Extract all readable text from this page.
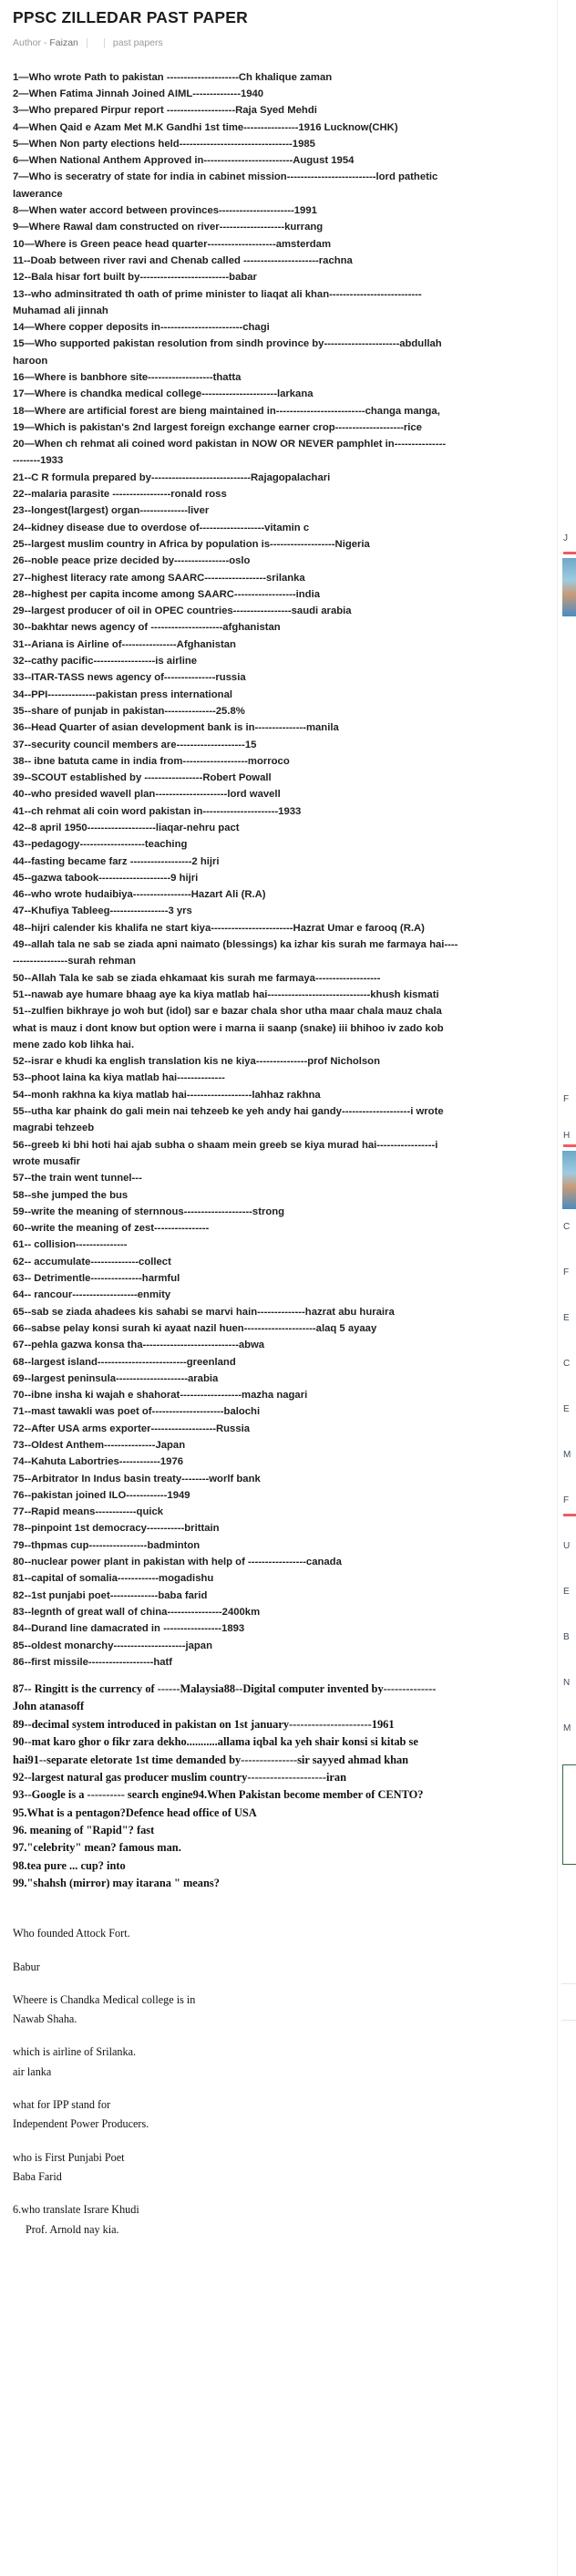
PPSC ZILLEDAR PAST PAPER
Author - Faizan	past papers

1—Who wrote Path to pakistan ---------------------Ch khalique zaman

2—When Fatima Jinnah Joined AIML--------------1940

3—Who prepared Pirpur report --------------------Raja Syed Mehdi

4—When Qaid e Azam Met M.K Gandhi 1st time----------------1916 Lucknow(CHK)

5—When Non party elections held---------------------------------1985

6—When National Anthem Approved in--------------------------August 1954

7—Who is seceratry of state for india in cabinet mission--------------------------lord pathetic

lawerance

8—When water accord between provinces----------------------1991

9—Where Rawal dam constructed on river-------------------kurrang

10—Where is Green peace head quarter--------------------amsterdam

11--Doab between river ravi and Chenab called ----------------------rachna

12--Bala hisar fort built by--------------------------babar

13--who adminsitrated th oath of prime minister to liaqat ali khan---------------------------

Muhamad ali jinnah

14—Where copper deposits in------------------------chagi

15—Who supported pakistan resolution from sindh province by----------------------abdullah

haroon

16—Where is banbhore site-------------------thatta

17—Where is chandka medical college----------------------larkana

18—Where are artificial forest are bieng maintained in--------------------------changa manga,

19—Which is pakistan's 2nd largest foreign exchange earner crop--------------------rice

20—When ch rehmat ali coined word pakistan in NOW OR NEVER pamphlet in---------------

--------1933

21--C R formula prepared by-----------------------------Rajagopalachari

22--malaria parasite -----------------ronald ross

23--longest(largest) organ--------------liver

24--kidney disease due to overdose of-------------------vitamin c

25--largest muslim country in Africa by population is-------------------Nigeria

26--noble peace prize decided by----------------oslo

27--highest literacy rate among SAARC------------------srilanka

28--highest per capita income among SAARC------------------india

29--largest producer of oil in OPEC countries-----------------saudi arabia

30--bakhtar news agency of ---------------------afghanistan

31--Ariana is Airline of----------------Afghanistan

32--cathy pacific------------------is airline

33--ITAR-TASS news agency of---------------russia

34--PPI--------------pakistan press international

35--share of punjab in pakistan---------------25.8%

36--Head Quarter of asian development bank is in---------------manila

37--security council members are--------------------15

38-- ibne batuta came in india from-------------------morroco

39--SCOUT established by -----------------Robert Powall

40--who presided wavell plan---------------------lord wavell

41--ch rehmat ali coin word pakistan in----------------------1933

42--8 april 1950--------------------liaqar-nehru pact

43--pedagogy-------------------teaching

44--fasting became farz ------------------2 hijri

45--gazwa tabook---------------------9 hijri

46--who wrote hudaibiya-----------------Hazart Ali (R.A)

47--Khufiya Tableeg-----------------3 yrs

48--hijri calender kis khalifa ne start kiya------------------------Hazrat Umar e farooq (R.A)

49--allah tala ne sab se ziada apni naimato (blessings) ka izhar kis surah me farmaya hai----

----------------surah rehman

50--Allah Tala ke sab se ziada ehkamaat kis surah me farmaya-------------------

51--nawab aye humare bhaag aye ka kiya matlab hai------------------------------khush kismati

51--zulfien bikhraye jo woh but (idol) sar e bazar chala shor utha maar chala mauz chala

what is mauz i dont know but option were i marna ii saanp (snake) iii bhihoo iv zado kob

mene zado kob lihka hai.

52--israr e khudi ka english translation kis ne kiya---------------prof Nicholson

53--phoot laina ka kiya matlab hai--------------

54--monh rakhna ka kiya matlab hai-------------------lahhaz rakhna

55--utha kar phaink do gali mein nai tehzeeb ke yeh andy hai gandy--------------------i wrote

magrabi tehzeeb

56--greeb ki bhi hoti hai ajab subha o shaam mein greeb se kiya murad hai-----------------i

wrote musafir

57--the train went tunnel---

58--she jumped the bus

59--write the meaning of sternnous--------------------strong

60--write the meaning of zest----------------

61-- collision---------------

62-- accumulate--------------collect

63-- Detrimentle---------------harmful

64-- rancour-------------------enmity

65--sab se ziada ahadees kis sahabi se marvi hain--------------hazrat abu huraira

66--sabse pelay konsi surah ki ayaat nazil huen---------------------alaq 5 ayaay

67--pehla gazwa konsa tha----------------------------abwa

68--largest island--------------------------greenland

69--largest peninsula---------------------arabia

70--ibne insha ki wajah e shahorat------------------mazha nagari

71--mast tawakli was poet of---------------------balochi

72--After USA arms exporter-------------------Russia

73--Oldest Anthem---------------Japan

74--Kahuta Labortries------------1976

75--Arbitrator In Indus basin treaty--------worlf bank

76--pakistan joined ILO------------1949

77--Rapid means------------quick

78--pinpoint 1st democracy-----------brittain

79--thpmas cup-----------------badminton

80--nuclear power plant in pakistan with help of -----------------canada

81--capital of somalia------------mogadishu

82--1st punjabi poet--------------baba farid

83--legnth of great wall of china----------------2400km

84--Durand line damacrated in -----------------1893

85--oldest monarchy---------------------japan

86--first missile-------------------hatf

87-- Ringitt is the currency of ------Malaysia88--Digital computer invented by--------------

John atanasoff

89--decimal system introduced in pakistan on 1st january----------------------1961

90--mat karo ghor o fikr zara dekho...........allama iqbal ka yeh shair konsi si kitab se

hai91--separate eletorate 1st time demanded by---------------sir sayyed ahmad khan

92--largest natural gas producer muslim country---------------------iran

93--Google is a ---------- search engine94.When Pakistan become member of CENTO?

95.What is a pentagon?Defence head office of USA

96. meaning of "Rapid"? fast

97."celebrity" mean? famous man.

98.tea pure ... cup? into

99."shahsh (mirror) may itarana " means?

Who founded Attock Fort.

Babur

Wheere is Chandka Medical college is in

Nawab Shaha.

which is airline of Srilanka.

air lanka

what for IPP stand for

Independent Power Producers.

who is First Punjabi Poet

Baba Farid

6.who translate Israre Khudi

Prof. Arnold nay kia.

J
F
H
C
F
E
C
E
M
F
U
E
B
N
M
